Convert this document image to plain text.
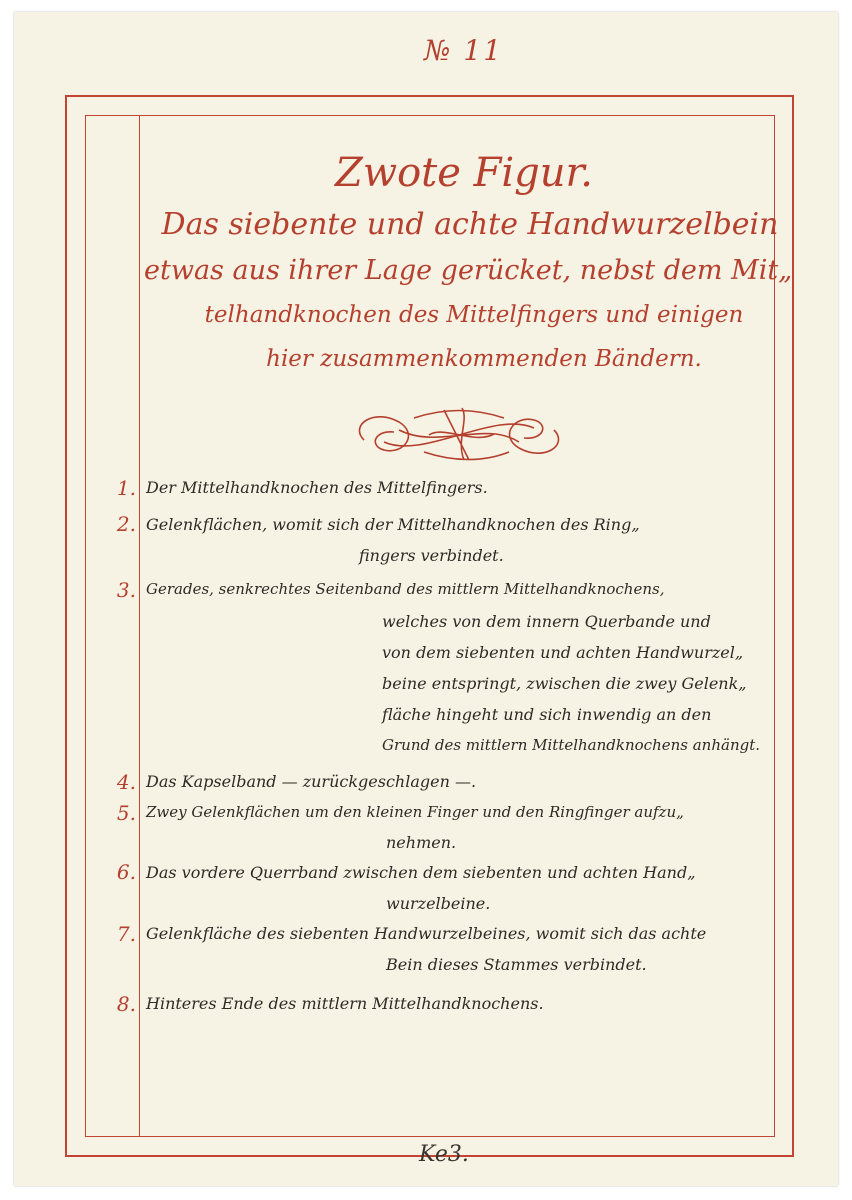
№ 11
Zwote Figur.
Das siebente und achte Handwurzelbein
etwas aus ihrer Lage gerücket, nebst dem Mit„
telhandknochen des Mittelfingers und einigen
hier zusammenkommenden Bändern.
1. Der Mittelhandknochen des Mittelfingers.
2. Gelenkflächen, womit sich der Mittelhandknochen des Ring„
fingers verbindet.
3. Gerades, senkrechtes Seitenband des mittlern Mittelhandknochens,
welches von dem innern Querbande und
von dem siebenten und achten Handwurzel„
beine entspringt, zwischen die zwey Gelenk„
fläche hingeht und sich inwendig an den
Grund des mittlern Mittelhandknochens anhängt.
4. Das Kapselband — zurückgeschlagen —.
5. Zwey Gelenkflächen um den kleinen Finger und den Ringfinger aufzu„
nehmen.
6. Das vordere Querrband zwischen dem siebenten und achten Hand„
wurzelbeine.
7. Gelenkfläche des siebenten Handwurzelbeines, womit sich das achte
Bein dieses Stammes verbindet.
8. Hinteres Ende des mittlern Mittelhandknochens.
Ke3.
